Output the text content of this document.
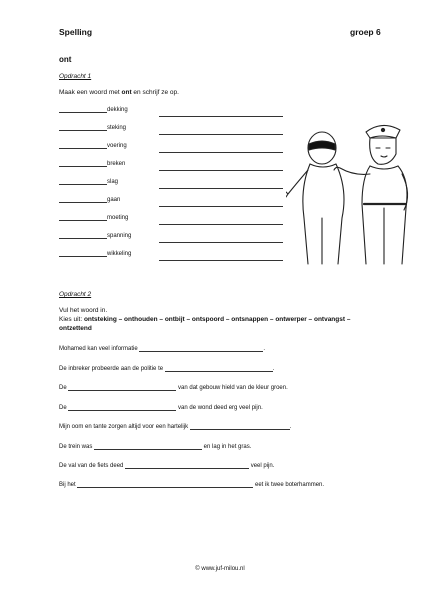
Spelling	groep 6
ont
Opdracht 1
Maak een woord met ont en schrijf ze op.
dekking
steking
voering
breken
slag
gaan
moeting
spanning
wikkeling
Opdracht 2
Vul het woord in.
Kies uit: ontsteking – onthouden – ontbijt – ontspoord – ontsnappen – ontwerper – ontvangst –
ontzettend
Mohamed kan veel informatie	.
De inbreker probeerde aan de politie te	.
De	van dat gebouw hield van de kleur groen.
De	van de wond deed erg veel pijn.
Mijn oom en tante zorgen altijd voor een hartelijk	.
De trein was	en lag in het gras.
De val van de fiets deed	veel pijn.
Bij het	eet ik twee boterhammen.
© www.juf-milou.nl
